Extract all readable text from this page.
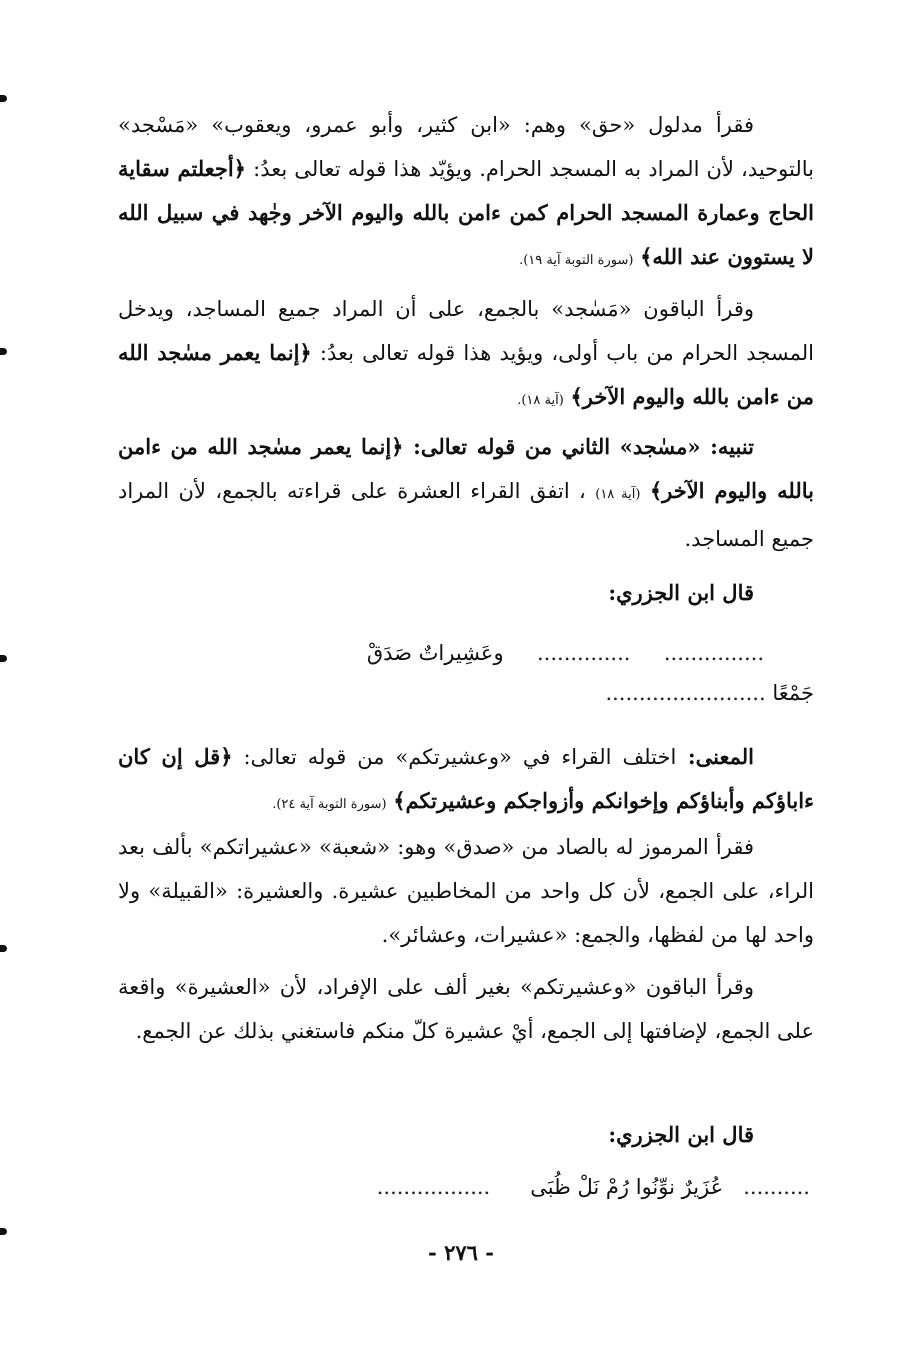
فقرأ مدلول «حق» وهم: «ابن كثير، وأبو عمرو، ويعقوب» «مَسْجد» بالتوحيد، لأن المراد به المسجد الحرام. ويؤيّد هذا قوله تعالى بعدُ: ﴿أجعلتم سقاية الحاج وعمارة المسجد الحرام كمن ءامن بالله واليوم الآخر وجٰهد في سبيل الله لا يستوون عند الله﴾ (سورة التوبة آية ١٩).
وقرأ الباقون «مَسٰجد» بالجمع، على أن المراد جميع المساجد، ويدخل المسجد الحرام من باب أولى، ويؤيد هذا قوله تعالى بعدُ: ﴿إنما يعمر مسٰجد الله من ءامن بالله واليوم الآخر﴾ (آية ١٨).
تنبيه: «مسٰجد» الثاني من قوله تعالى: ﴿إنما يعمر مسٰجد الله من ءامن بالله واليوم الآخر﴾ (آية ١٨) ، اتفق القراء العشرة على قراءته بالجمع، لأن المراد جميع المساجد.
قال ابن الجزري:
...............     ..............     وعَشِيراتٌ صَدَقْ
جَمْعًا ........................
المعنى: اختلف القراء في «وعشيرتكم» من قوله تعالى: ﴿قل إن كان ءاباؤكم وأبناؤكم وإخوانكم وأزواجكم وعشيرتكم﴾ (سورة التوبة آية ٢٤).
فقرأ المرموز له بالصاد من «صدق» وهو: «شعبة» «عشيراتكم» بألف بعد الراء، على الجمع، لأن كل واحد من المخاطبين عشيرة. والعشيرة: «القبيلة» ولا واحد لها من لفظها، والجمع: «عشيرات، وعشائر».
وقرأ الباقون «وعشيرتكم» بغير ألف على الإفراد، لأن «العشيرة» واقعة على الجمع، لإضافتها إلى الجمع، أيْ عشيرة كلّ منكم فاستغني بذلك عن الجمع.
قال ابن الجزري:
..........   عُزَيرٌ نوِّنُوا رُمْ نَلْ ظُبَى      .................
- ٢٧٦ -
